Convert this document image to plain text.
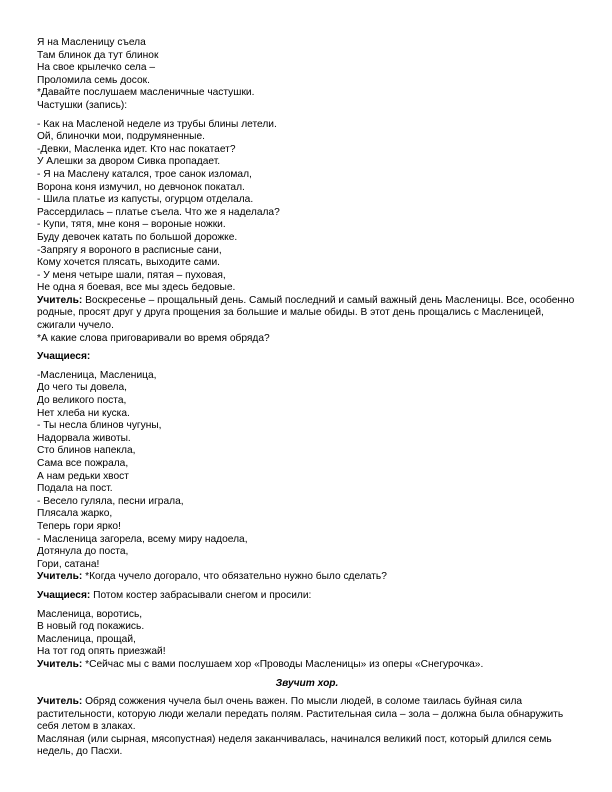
Я на Масленицу съела
Там блинок да тут блинок
На свое крылечко села –
Проломила семь досок.
*Давайте послушаем масленичные частушки.
Частушки (запись):
- Как на Масленой неделе из трубы блины летели.
Ой, блиночки мои, подрумяненные.
-Девки, Масленка идет. Кто нас покатает?
У Алешки за двором Сивка пропадает.
- Я на Маслену катался, трое санок изломал,
Ворона коня измучил, но девчонок покатал.
- Шила платье из капусты, огурцом отделала.
Рассердилась – платье съела. Что же я наделала?
- Купи, тятя, мне коня – вороные ножки.
Буду девочек катать по большой дорожке.
-Запрягу я вороного в расписные сани,
Кому хочется плясать, выходите сами.
- У меня четыре шали, пятая – пуховая,
Не одна я боевая, все мы здесь бедовые.
Учитель: Воскресенье – прощальный день. Самый последний и самый важный день Масленицы. Все, особенно родные, просят друг у друга прощения за большие и малые обиды. В этот день прощались с Масленицей, сжигали чучело.
*А какие слова приговаривали во время обряда?
Учащиеся:
-Масленица, Масленица,
До чего ты довела,
До великого поста,
Нет хлеба ни куска.
- Ты несла блинов чугуны,
Надорвала животы.
Сто блинов напекла,
Сама все пожрала,
А нам редьки хвост
Подала на пост.
- Весело гуляла, песни играла,
Плясала жарко,
Теперь гори ярко!
- Масленица загорела, всему миру надоела,
Дотянула до поста,
Гори, сатана!
Учитель: *Когда чучело догорало, что обязательно нужно было сделать?
Учащиеся: Потом костер забрасывали снегом и просили:
Масленица, воротись,
В новый год покажись.
Масленица, прощай,
На тот год опять приезжай!
Учитель: *Сейчас мы с вами послушаем хор «Проводы Масленицы» из оперы «Снегурочка».
Звучит хор.
Учитель: Обряд сожжения чучела был очень важен. По мысли людей, в соломе таилась буйная сила растительности, которую люди желали передать полям. Растительная сила – зола – должна была обнаружить себя летом в злаках.
Масляная (или сырная, мясопустная) неделя заканчивалась, начинался великий пост, который длился семь недель, до Пасхи.
